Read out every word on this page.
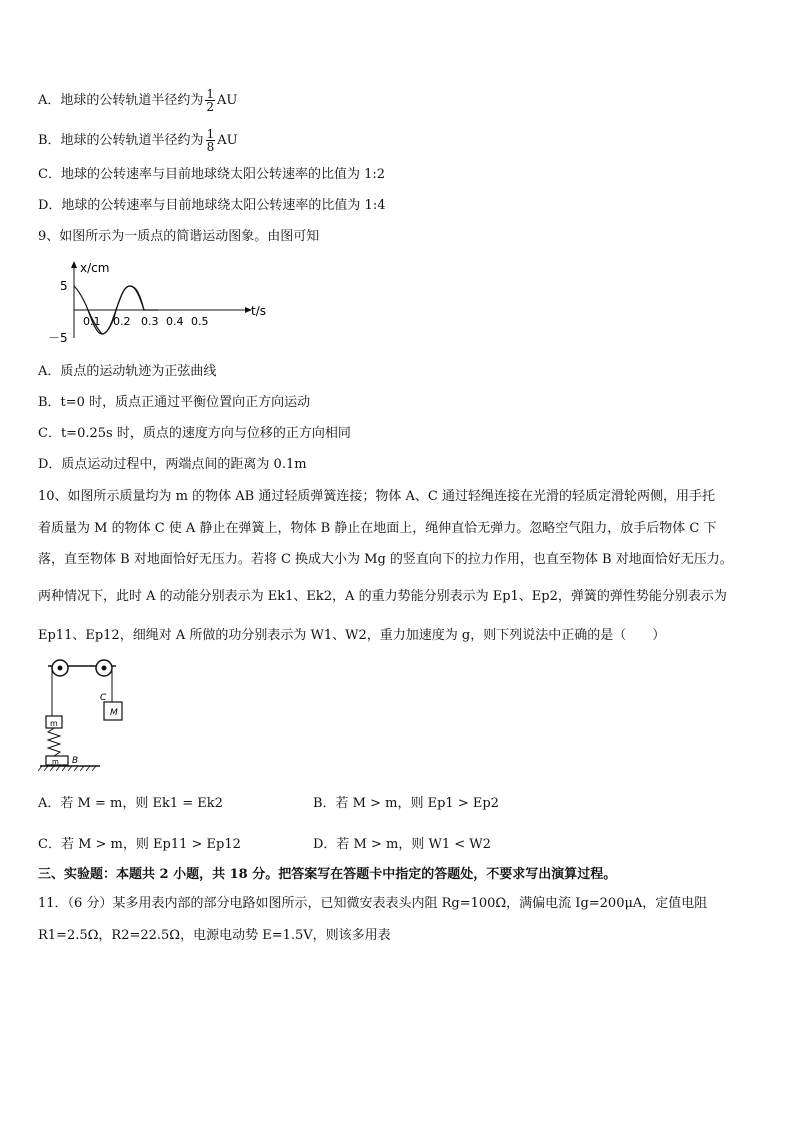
A．地球的公转轨道半径约为 $\frac{1}{2}$ AU
B．地球的公转轨道半径约为 $\frac{1}{8}$ AU
C．地球的公转速率与目前地球绕太阳公转速率的比值为 1:2
D．地球的公转速率与目前地球绕太阳公转速率的比值为 1:4
9、如图所示为一质点的简谐运动图象。由图可知
x/cm
5
－5
t/s
0.1 0.2 0.3 0.4 0.5
A．质点的运动轨迹为正弦曲线
B．t=0 时，质点正通过平衡位置向正方向运动
C．t=0.25s 时，质点的速度方向与位移的正方向相同
D．质点运动过程中，两端点间的距离为 0.1m
10、如图所示质量均为 m 的物体 AB 通过轻质弹簧连接；物体 A、C 通过轻绳连接在光滑的轻质定滑轮两侧，用手托
着质量为 M 的物体 C 使 A 静止在弹簧上，物体 B 静止在地面上，绳伸直恰无弹力。忽略空气阻力，放手后物体 C 下
落，直至物体 B 对地面恰好无压力。若将 C 换成大小为 Mg 的竖直向下的拉力作用，也直至物体 B 对地面恰好无压力。
两种情况下，此时 A 的动能分别表示为 Ek1、Ek2，A 的重力势能分别表示为 Ep1、Ep2，弹簧的弹性势能分别表示为
Ep11、Ep12，细绳对 A 所做的功分别表示为 W1、W2，重力加速度为 g，则下列说法中正确的是（　　）
M
C
m
m B
A．若 M = m，则 Ek1 = Ek2	B．若 M > m，则 Ep1 > Ep2
C．若 M > m，则 Ep11 > Ep12	D．若 M > m，则 W1 < W2
三、实验题：本题共 2 小题，共 18 分。把答案写在答题卡中指定的答题处，不要求写出演算过程。
11．（6 分）某多用表内部的部分电路如图所示，已知微安表表头内阻 Rg=100Ω，满偏电流 Ig=200μA，定值电阻
R1=2.5Ω，R2=22.5Ω，电源电动势 E=1.5V，则该多用表
